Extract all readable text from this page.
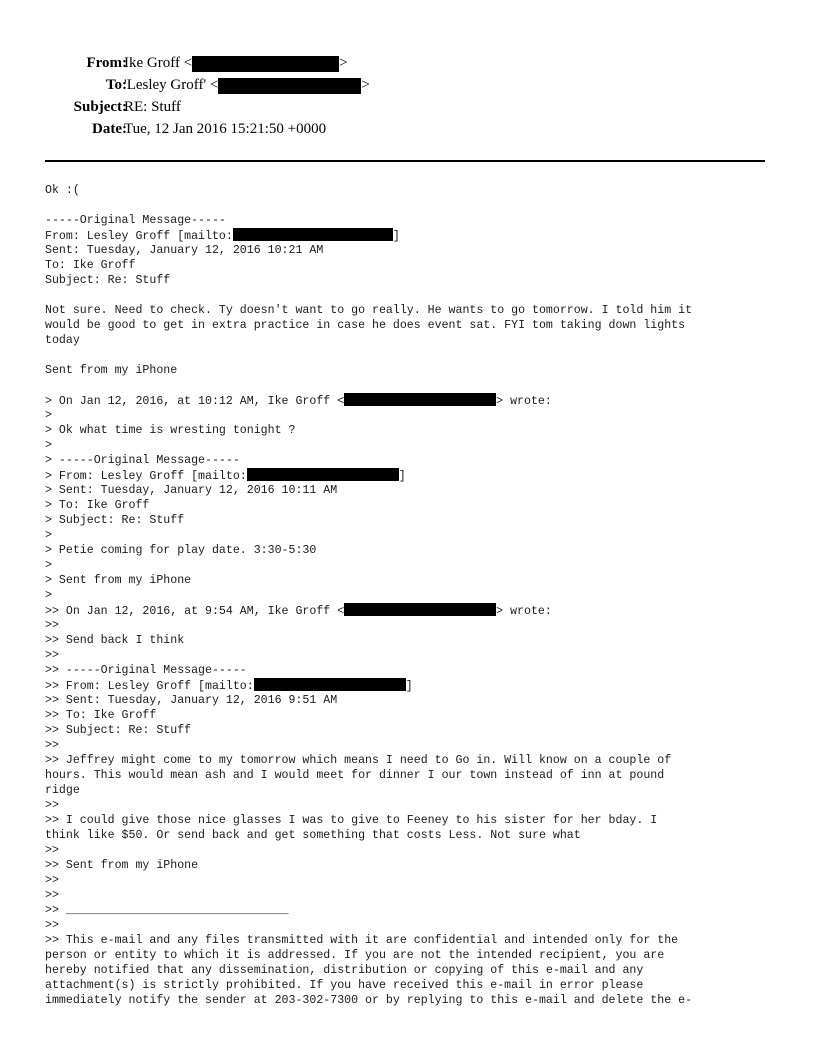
From:
Ike Groff <	>
To:
'Lesley Groff' <	>
Subject:
RE: Stuff
Date:
Tue, 12 Jan 2016 15:21:50 +0000
Ok :(
-----Original Message-----
From: Lesley Groff [mailto:	]
Sent: Tuesday, January 12, 2016 10:21 AM
To: Ike Groff
Subject: Re: Stuff
Not sure. Need to check. Ty doesn't want to go really. He wants to go tomorrow. I told him it
would be good to get in extra practice in case he does event sat. FYI tom taking down lights
today
Sent from my iPhone
> On Jan 12, 2016, at 10:12 AM, Ike Groff <	> wrote:
>
> Ok what time is wresting tonight ?
>
> -----Original Message-----
> From: Lesley Groff [mailto:	]
> Sent: Tuesday, January 12, 2016 10:11 AM
> To: Ike Groff
> Subject: Re: Stuff
>
> Petie coming for play date. 3:30-5:30
>
> Sent from my iPhone
>
>> On Jan 12, 2016, at 9:54 AM, Ike Groff <	> wrote:
>>
>> Send back I think
>>
>> -----Original Message-----
>> From: Lesley Groff [mailto:	]
>> Sent: Tuesday, January 12, 2016 9:51 AM
>> To: Ike Groff
>> Subject: Re: Stuff
>>
>> Jeffrey might come to my tomorrow which means I need to Go in. Will know on a couple of
hours. This would mean ash and I would meet for dinner I our town instead of inn at pound
ridge
>>
>> I could give those nice glasses I was to give to Feeney to his sister for her bday. I
think like $50. Or send back and get something that costs Less. Not sure what
>>
>> Sent from my iPhone
>>
>>
>> ________________________________
>>
>> This e-mail and any files transmitted with it are confidential and intended only for the
person or entity to which it is addressed. If you are not the intended recipient, you are
hereby notified that any dissemination, distribution or copying of this e-mail and any
attachment(s) is strictly prohibited. If you have received this e-mail in error please
immediately notify the sender at 203-302-7300 or by replying to this e-mail and delete the e-
